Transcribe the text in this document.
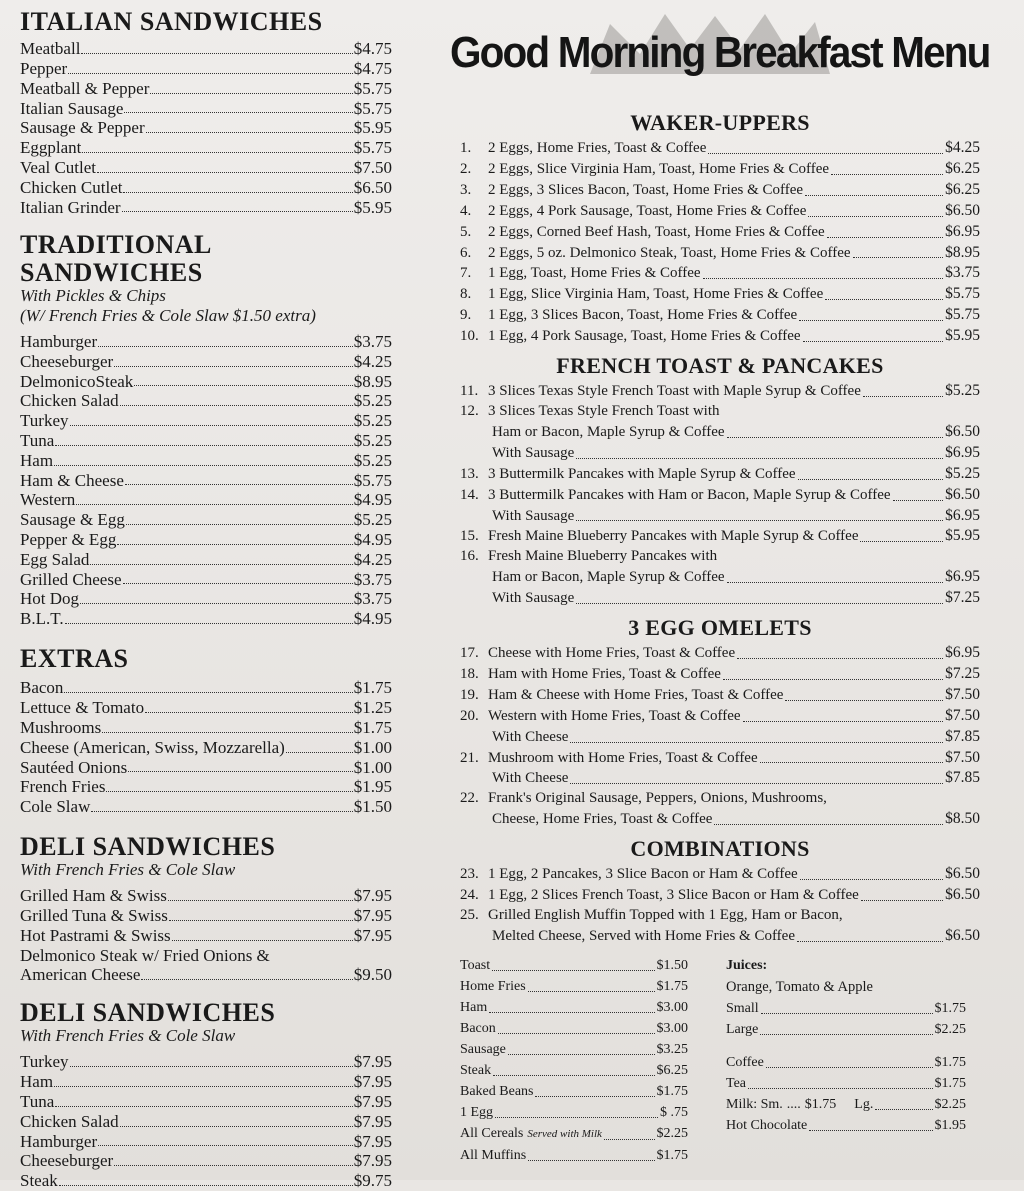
ITALIAN SANDWICHES
Meatball	$4.75
Pepper	$4.75
Meatball & Pepper	$5.75
Italian Sausage	$5.75
Sausage & Pepper	$5.95
Eggplant	$5.75
Veal Cutlet	$7.50
Chicken Cutlet	$6.50
Italian Grinder	$5.95
TRADITIONAL SANDWICHES
With Pickles & Chips
(W/ French Fries & Cole Slaw $1.50 extra)
Hamburger	$3.75
Cheeseburger	$4.25
DelmonicoSteak	$8.95
Chicken Salad	$5.25
Turkey	$5.25
Tuna	$5.25
Ham	$5.25
Ham & Cheese	$5.75
Western	$4.95
Sausage & Egg	$5.25
Pepper & Egg	$4.95
Egg Salad	$4.25
Grilled Cheese	$3.75
Hot Dog	$3.75
B.L.T.	$4.95
EXTRAS
Bacon	$1.75
Lettuce & Tomato	$1.25
Mushrooms	$1.75
Cheese (American, Swiss, Mozzarella)	$1.00
Sautéed Onions	$1.00
French Fries	$1.95
Cole Slaw	$1.50
DELI SANDWICHES
With French Fries & Cole Slaw
Grilled Ham & Swiss	$7.95
Grilled Tuna & Swiss	$7.95
Hot Pastrami & Swiss	$7.95
Delmonico Steak w/ Fried Onions &
American Cheese	$9.50
DELI SANDWICHES
With French Fries & Cole Slaw
Turkey	$7.95
Ham	$7.95
Tuna	$7.95
Chicken Salad	$7.95
Hamburger	$7.95
Cheeseburger	$7.95
Steak	$9.75
Good Morning Breakfast Menu
WAKER-UPPERS
1.	2 Eggs, Home Fries, Toast & Coffee	$4.25
2.	2 Eggs, Slice Virginia Ham, Toast, Home Fries & Coffee	$6.25
3.	2 Eggs, 3 Slices Bacon, Toast, Home Fries & Coffee	$6.25
4.	2 Eggs, 4 Pork Sausage, Toast, Home Fries & Coffee	$6.50
5.	2 Eggs, Corned Beef Hash, Toast, Home Fries & Coffee	$6.95
6.	2 Eggs, 5 oz. Delmonico Steak, Toast, Home Fries & Coffee	$8.95
7.	1 Egg, Toast, Home Fries & Coffee	$3.75
8.	1 Egg, Slice Virginia Ham, Toast, Home Fries & Coffee	$5.75
9.	1 Egg, 3 Slices Bacon, Toast, Home Fries & Coffee	$5.75
10. 1 Egg, 4 Pork Sausage, Toast, Home Fries & Coffee	$5.95
FRENCH TOAST & PANCAKES
11. 3 Slices Texas Style French Toast with Maple Syrup & Coffee	$5.25
12. 3 Slices Texas Style French Toast with
Ham or Bacon, Maple Syrup & Coffee	$6.50
With Sausage	$6.95
13. 3 Buttermilk Pancakes with Maple Syrup & Coffee	$5.25
14. 3 Buttermilk Pancakes with Ham or Bacon, Maple Syrup & Coffee	$6.50
With Sausage	$6.95
15. Fresh Maine Blueberry Pancakes with Maple Syrup & Coffee	$5.95
16. Fresh Maine Blueberry Pancakes with
Ham or Bacon, Maple Syrup & Coffee	$6.95
With Sausage	$7.25
3 EGG OMELETS
17. Cheese with Home Fries, Toast & Coffee	$6.95
18. Ham with Home Fries, Toast & Coffee	$7.25
19. Ham & Cheese with Home Fries, Toast & Coffee	$7.50
20. Western with Home Fries, Toast & Coffee	$7.50
With Cheese	$7.85
21. Mushroom with Home Fries, Toast & Coffee	$7.50
With Cheese	$7.85
22. Frank's Original Sausage, Peppers, Onions, Mushrooms,
Cheese, Home Fries, Toast & Coffee	$8.50
COMBINATIONS
23. 1 Egg, 2 Pancakes, 3 Slice Bacon or Ham & Coffee	$6.50
24. 1 Egg, 2 Slices French Toast, 3 Slice Bacon or Ham & Coffee	$6.50
25. Grilled English Muffin Topped with 1 Egg, Ham or Bacon,
Melted Cheese, Served with Home Fries & Coffee	$6.50
Toast	$1.50
Home Fries	$1.75
Ham	$3.00
Bacon	$3.00
Sausage	$3.25
Steak	$6.25
Baked Beans	$1.75
1 Egg	$ .75
All Cereals Served with Milk	$2.25
All Muffins	$1.75
Juices:
Orange, Tomato & Apple
Small	$1.75
Large	$2.25
Coffee	$1.75
Tea	$1.75
Milk: Sm. .... $1.75 Lg.	$2.25
Hot Chocolate	$1.95
